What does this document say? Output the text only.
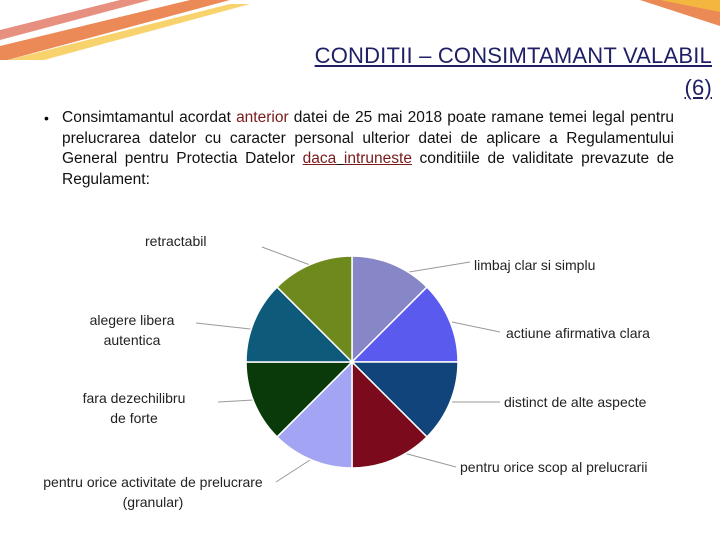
CONDITII – CONSIMTAMANT VALABIL
(6)
• Consimtamantul acordat anterior datei de 25 mai 2018 poate ramane temei legal pentru prelucrarea datelor cu caracter personal ulterior datei de aplicare a Regulamentului General pentru Protectia Datelor daca intruneste conditiile de validitate prevazute de Regulament:
retractabil
limbaj clar si simplu
alegere libera
autentica	actiune afirmativa clara
fara dezechilibru
de forte
distinct de alte aspecte
pentru orice scop al prelucrarii
pentru orice activitate de prelucrare
(granular)
